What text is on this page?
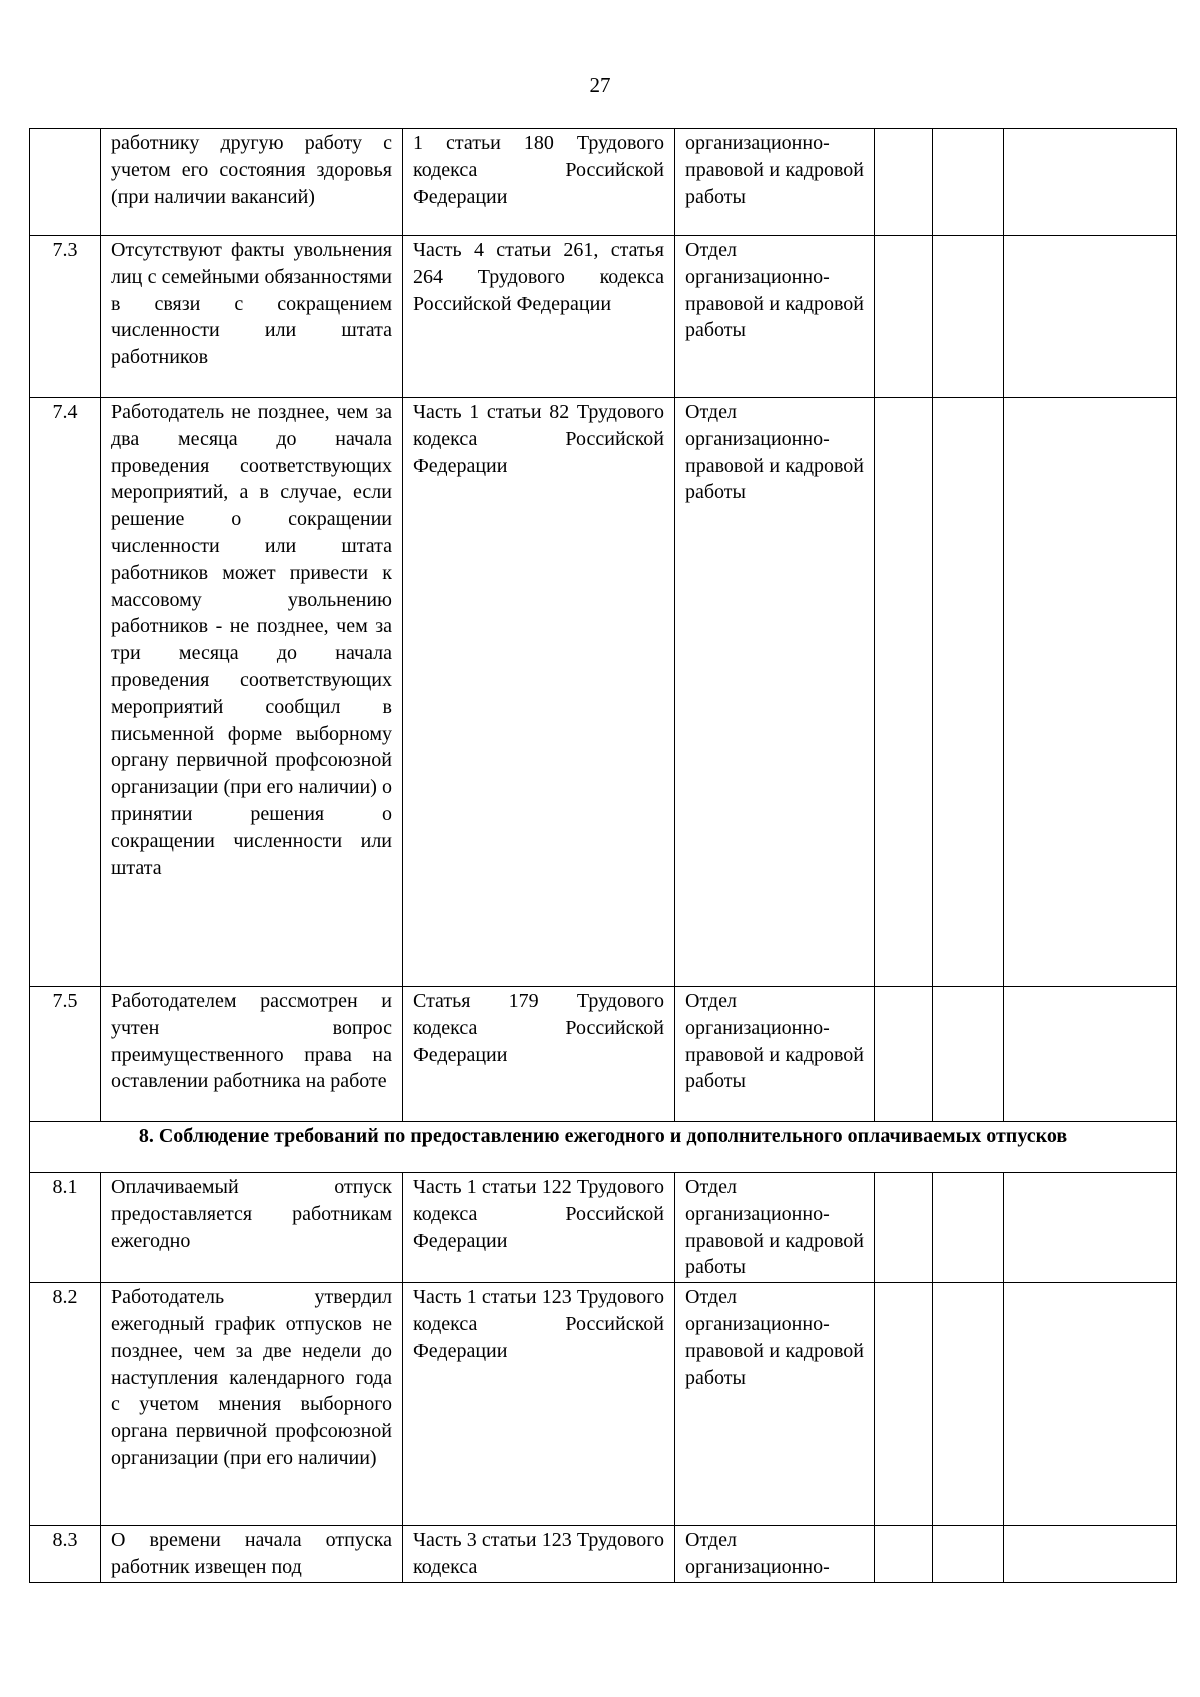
27
	работнику другую работу с учетом его состояния здоровья (при наличии вакансий)	1 статьи 180 Трудового кодекса Российской Федерации	организационно-правовой и кадровой работы			
7.3	Отсутствуют факты увольнения лиц с семейными обязанностями в связи с сокращением численности или штата работников	Часть 4 статьи 261, статья 264 Трудового кодекса Российской Федерации	Отдел организационно-правовой и кадровой работы			
7.4	Работодатель не позднее, чем за два месяца до начала проведения соответствующих мероприятий, а в случае, если решение о сокращении численности или штата работников может привести к массовому увольнению работников - не позднее, чем за три месяца до начала проведения соответствующих мероприятий сообщил в письменной форме выборному органу первичной профсоюзной организации (при его наличии) о принятии решения о сокращении численности или штата	Часть 1 статьи 82 Трудового кодекса Российской Федерации	Отдел организационно-правовой и кадровой работы			
7.5	Работодателем рассмотрен и учтен вопрос преимущественного права на оставлении работника на работе	Статья 179 Трудового кодекса Российской Федерации	Отдел организационно-правовой и кадровой работы			
8. Соблюдение требований по предоставлению ежегодного и дополнительного оплачиваемых отпусков						
8.1	Оплачиваемый отпуск предоставляется работникам ежегодно	Часть 1 статьи 122 Трудового кодекса Российской Федерации	Отдел организационно-правовой и кадровой работы			
8.2	Работодатель утвердил ежегодный график отпусков не позднее, чем за две недели до наступления календарного года с учетом мнения выборного органа первичной профсоюзной организации (при его наличии)	Часть 1 статьи 123 Трудового кодекса Российской Федерации	Отдел организационно-правовой и кадровой работы			
8.3	О времени начала отпуска работник извещен под	Часть 3 статьи 123 Трудового кодекса	Отдел организационно-			
